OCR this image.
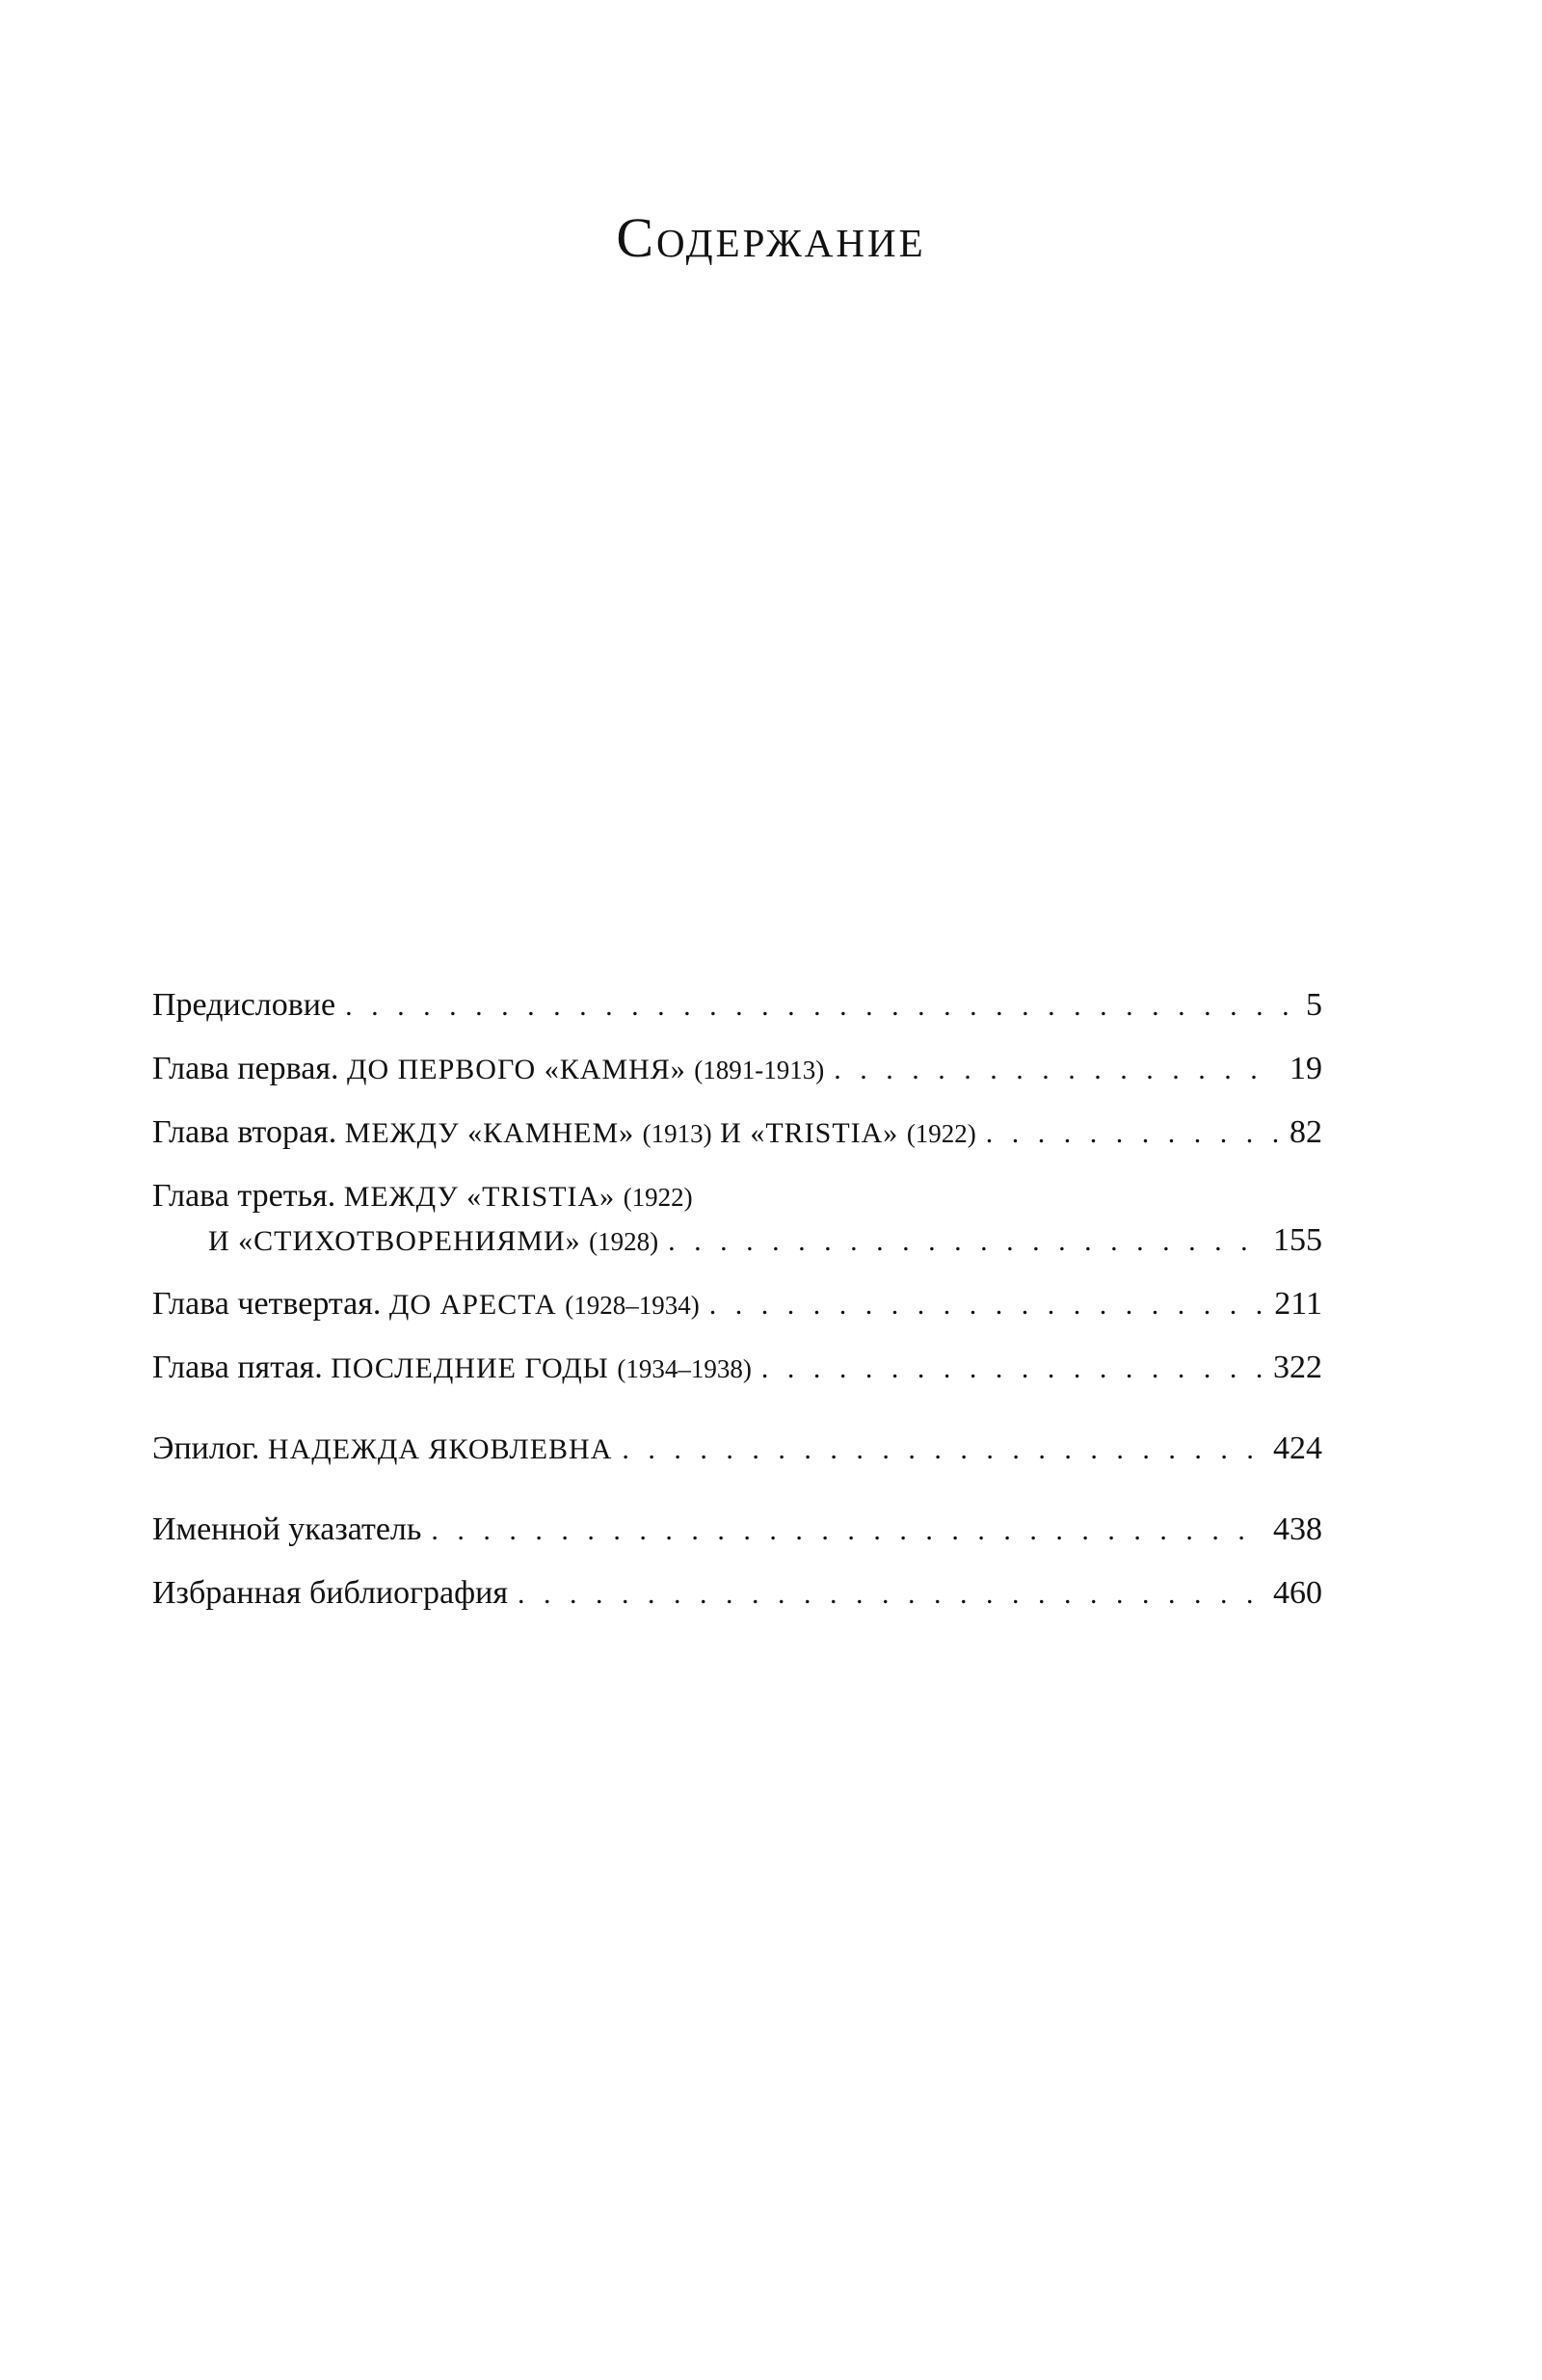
Содержание
Предисловие . . .	5
Глава первая. ДО ПЕРВОГО «КАМНЯ» (1891-1913) . . .	19
Глава вторая. МЕЖДУ «КАМНЕМ» (1913) И «TRISTIA» (1922) . . .	82
Глава третья. МЕЖДУ «TRISTIA» (1922)
И «СТИХОТВОРЕНИЯМИ» (1928) . . .	155
Глава четвертая. ДО АРЕСТА (1928–1934) . . .	211
Глава пятая. ПОСЛЕДНИЕ ГОДЫ (1934–1938) . . .	322
Эпилог. НАДЕЖДА ЯКОВЛЕВНА . . .	424
Именной указатель . . .	438
Избранная библиография . . .	460
